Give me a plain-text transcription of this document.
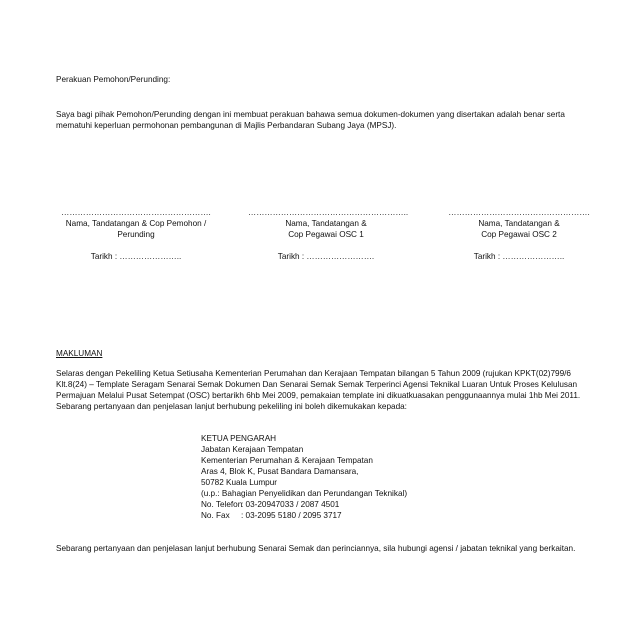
Perakuan Pemohon/Perunding:
Saya bagi pihak Pemohon/Perunding dengan ini membuat perakuan bahawa semua dokumen-dokumen yang disertakan adalah benar serta
mematuhi keperluan permohonan pembangunan di Majlis Perbandaran Subang Jaya (MPSJ).
……………………………………………….
Nama, Tandatangan & Cop Pemohon /
Perunding
Tarikh : …………………..
…………………………………………………..
Nama, Tandatangan &
Cop Pegawai OSC 1
Tarikh : …………………….
…………………………………………….
Nama, Tandatangan &
Cop Pegawai OSC 2
Tarikh : …………………..
MAKLUMAN
Selaras dengan Pekeliling Ketua Setiusaha Kementerian Perumahan dan Kerajaan Tempatan bilangan 5 Tahun 2009 (rujukan KPKT(02)799/6
Klt.8(24) – Template Seragam Senarai Semak Dokumen Dan Senarai Semak Semak Terperinci Agensi Teknikal Luaran Untuk Proses Kelulusan
Permajuan Melalui Pusat Setempat (OSC) bertarikh 6hb Mei 2009, pemakaian template ini dikuatkuasakan penggunaannya mulai 1hb Mei 2011.
Sebarang pertanyaan dan penjelasan lanjut berhubung pekeliling ini boleh dikemukakan kepada:
KETUA PENGARAH
Jabatan Kerajaan Tempatan
Kementerian Perumahan & Kerajaan Tempatan
Aras 4, Blok K, Pusat Bandara Damansara,
50782 Kuala Lumpur
(u.p.: Bahagian Penyelidikan dan Perundangan Teknikal)
No. Telefon
: 03-20947033 / 2087 4501
No. Fax : 03-2095 5180 / 2095 3717
Sebarang pertanyaan dan penjelasan lanjut berhubung Senarai Semak dan perinciannya, sila hubungi agensi / jabatan teknikal yang berkaitan.
